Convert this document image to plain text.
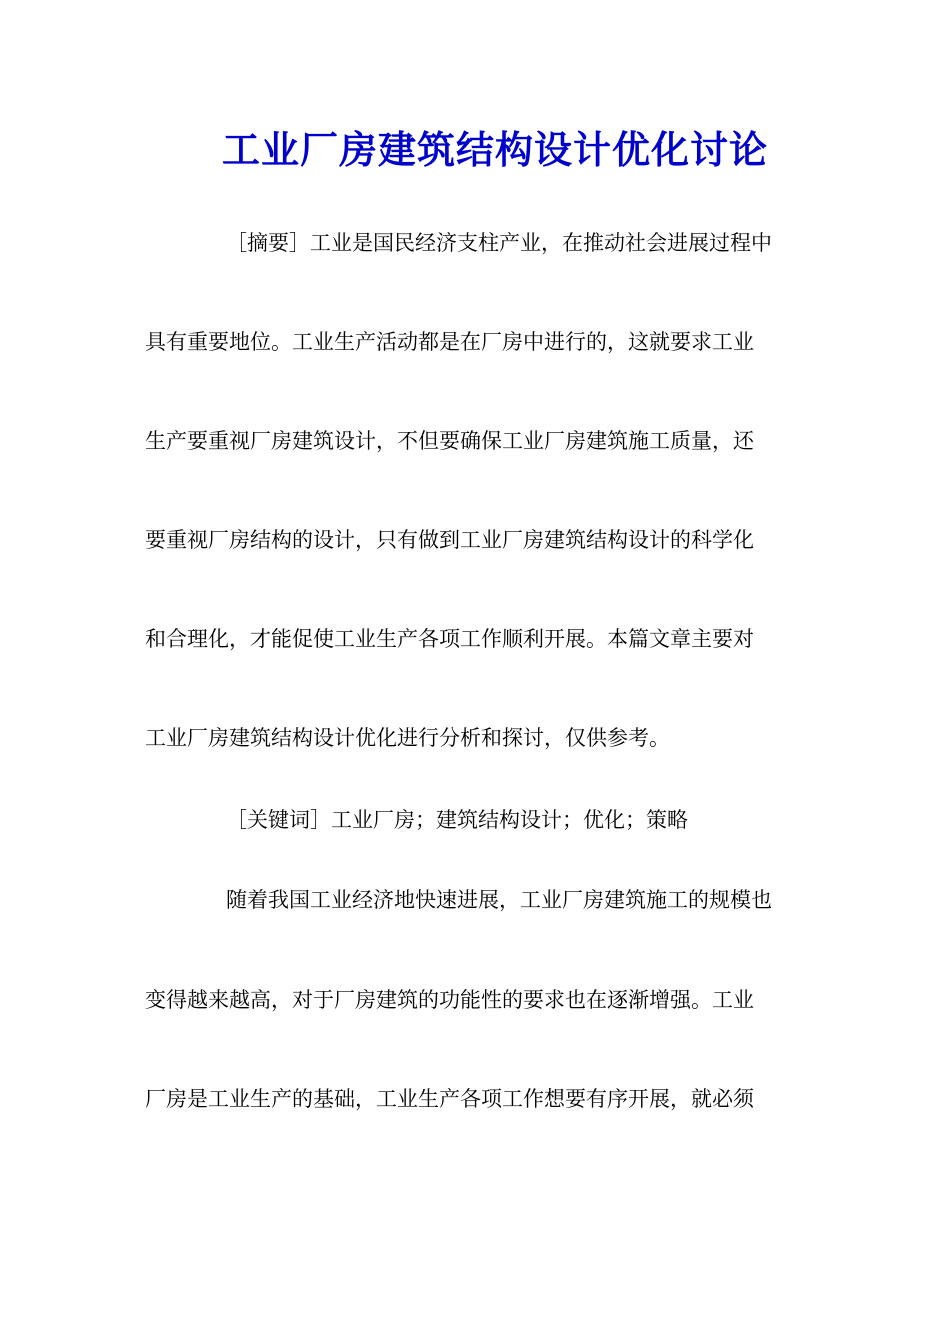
工业厂房建筑结构设计优化讨论
［摘要］工业是国民经济支柱产业，在推动社会进展过程中
具有重要地位。工业生产活动都是在厂房中进行的，这就要求工业
生产要重视厂房建筑设计，不但要确保工业厂房建筑施工质量，还
要重视厂房结构的设计，只有做到工业厂房建筑结构设计的科学化
和合理化，才能促使工业生产各项工作顺利开展。本篇文章主要对
工业厂房建筑结构设计优化进行分析和探讨，仅供参考。
［关键词］工业厂房；建筑结构设计；优化；策略
随着我国工业经济地快速进展，工业厂房建筑施工的规模也
变得越来越高，对于厂房建筑的功能性的要求也在逐渐增强。工业
厂房是工业生产的基础，工业生产各项工作想要有序开展，就必须
